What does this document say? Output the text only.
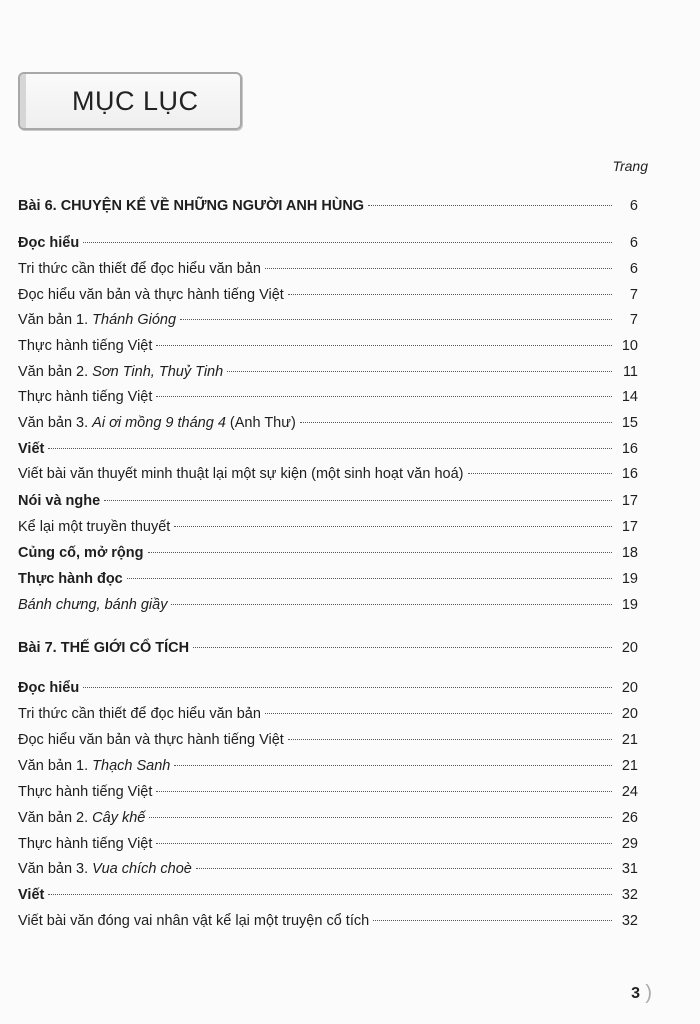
MỤC LỤC
Trang
Bài 6. CHUYỆN KỂ VỀ NHỮNG NGƯỜI ANH HÙNG	6
Đọc hiểu	6
Tri thức cần thiết để đọc hiểu văn bản	6
Đọc hiểu văn bản và thực hành tiếng Việt	7
Văn bản 1. Thánh Gióng	7
Thực hành tiếng Việt	10
Văn bản 2. Sơn Tinh, Thuỷ Tinh	11
Thực hành tiếng Việt	14
Văn bản 3. Ai ơi mồng 9 tháng 4 (Anh Thư)	15
Viết	16
Viết bài văn thuyết minh thuật lại một sự kiện (một sinh hoạt văn hoá)	16
Nói và nghe	17
Kể lại một truyền thuyết	17
Củng cố, mở rộng	18
Thực hành đọc	19
Bánh chưng, bánh giầy	19
Bài 7. THẾ GIỚI CỔ TÍCH	20
Đọc hiểu	20
Tri thức cần thiết để đọc hiểu văn bản	20
Đọc hiểu văn bản và thực hành tiếng Việt	21
Văn bản 1. Thạch Sanh	21
Thực hành tiếng Việt	24
Văn bản 2. Cây khế	26
Thực hành tiếng Việt	29
Văn bản 3. Vua chích choè	31
Viết	32
Viết bài văn đóng vai nhân vật kể lại một truyện cổ tích	32
3 )
